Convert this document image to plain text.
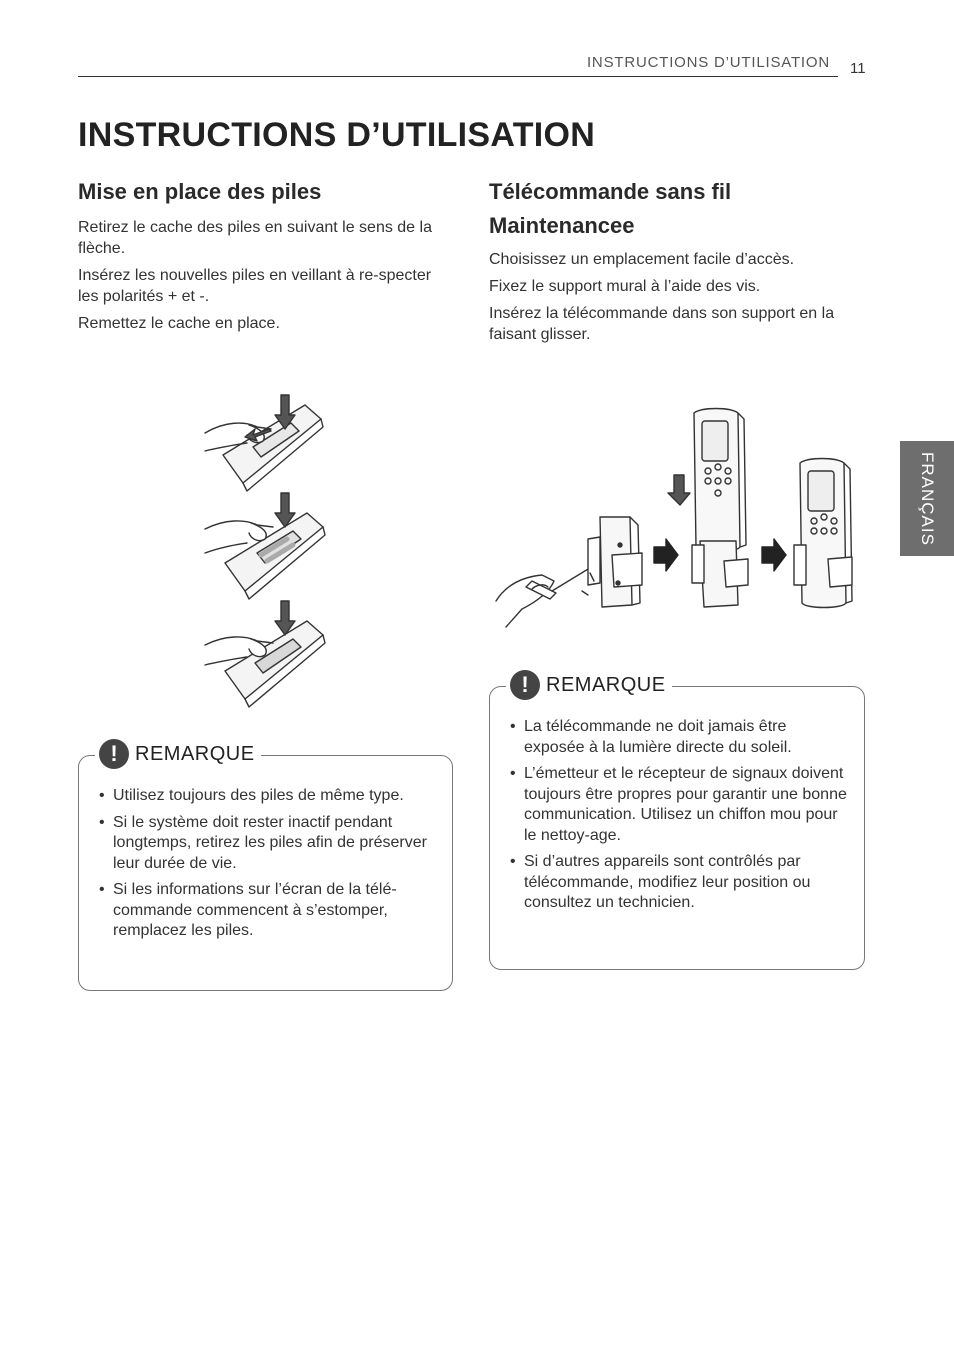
INSTRUCTIONS D’UTILISATION 11
INSTRUCTIONS D’UTILISATION
FRANÇAIS
Mise en place des piles

Retirez le cache des piles en suivant le sens de la flèche.

Insérez les nouvelles piles en veillant à re-specter les polarités + et -.

Remettez le cache en place.

Télécommande sans fil
Maintenancee

Choisissez un emplacement facile d’accès.

Fixez le support mural à l’aide des vis.

Insérez la télécommande dans son support en la faisant glisser.

! REMARQUE
• Utilisez toujours des piles de même type.
• Si le système doit rester inactif pendant longtemps, retirez les piles afin de préserver leur durée de vie.
• Si les informations sur l’écran de la télé-commande commencent à s’estomper, remplacez les piles.
! REMARQUE
• La télécommande ne doit jamais être exposée à la lumière directe du soleil.
• L’émetteur et le récepteur de signaux doivent toujours être propres pour garantir une bonne communication. Utilisez un chiffon mou pour le nettoy-age.
• Si d’autres appareils sont contrôlés par télécommande, modifiez leur position ou consultez un technicien.
